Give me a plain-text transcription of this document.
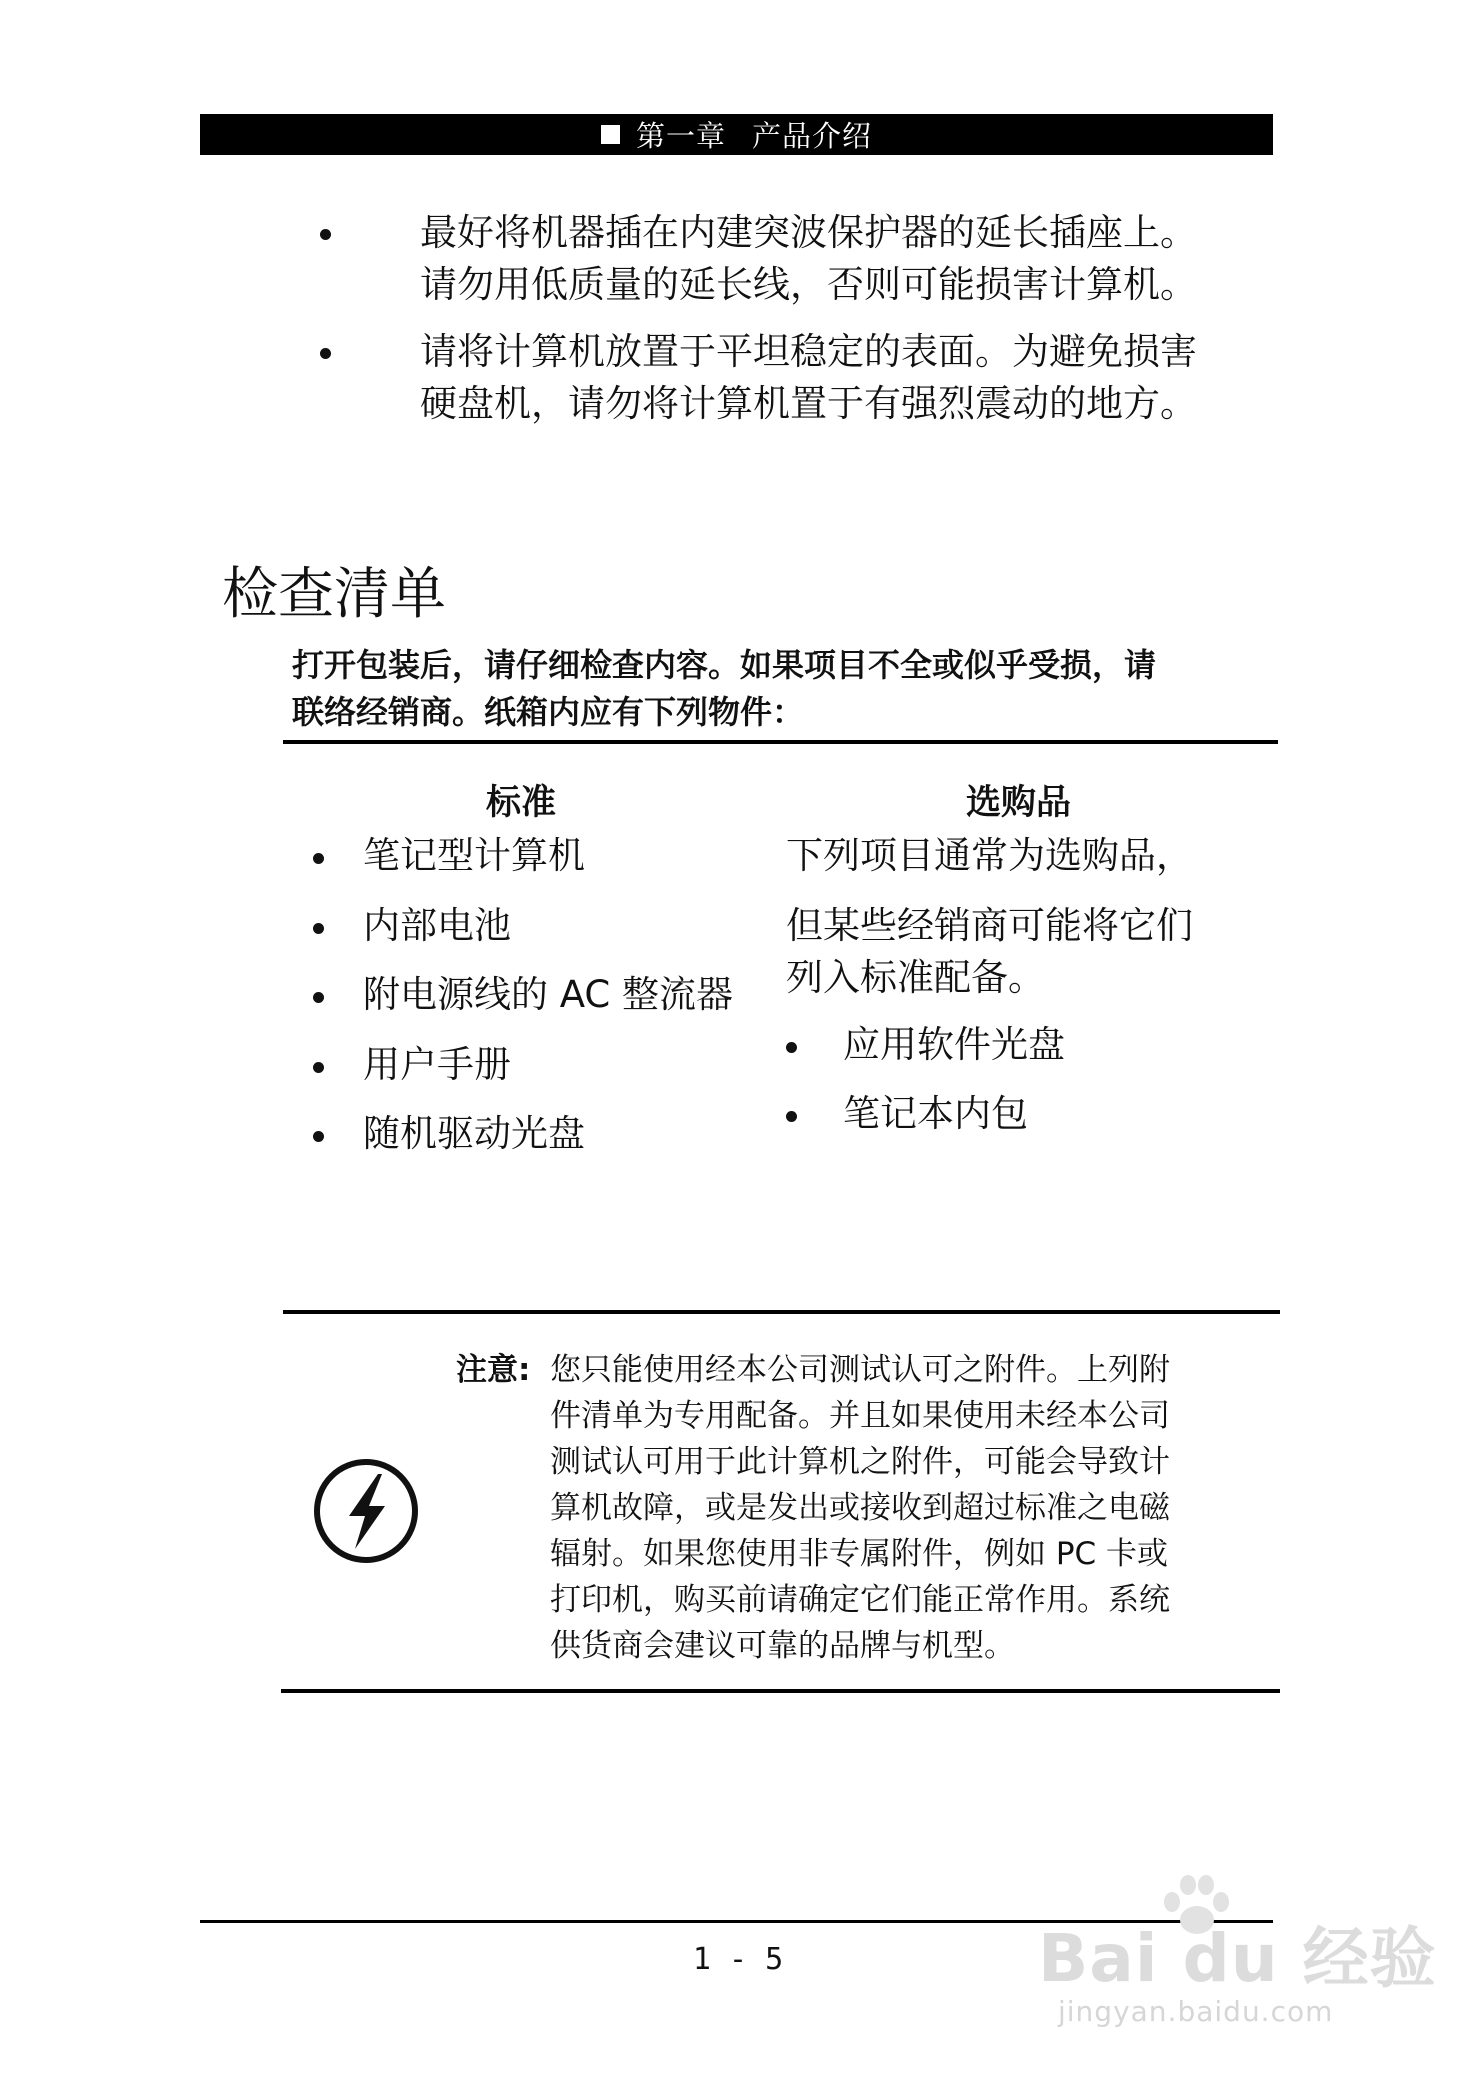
第一章 产品介绍
最好将机器插在内建突波保护器的延长插座上。
请勿用低质量的延长线，否则可能损害计算机。
请将计算机放置于平坦稳定的表面。为避免损害
硬盘机，请勿将计算机置于有强烈震动的地方。
检查清单
打开包装后，请仔细检查内容。如果项目不全或似乎受损，请
联络经销商。纸箱内应有下列物件：
标准
笔记型计算机
内部电池
附电源线的 AC 整流器
用户手册
随机驱动光盘
选购品
下列项目通常为选购品，
但某些经销商可能将它们
列入标准配备。
应用软件光盘
笔记本内包
注意: 您只能使用经本公司测试认可之附件。上列附
件清单为专用配备。并且如果使用未经本公司
测试认可用于此计算机之附件，可能会导致计
算机故障，或是发出或接收到超过标准之电磁
辐射。如果您使用非专属附件，例如 PC 卡或
打印机，购买前请确定它们能正常作用。系统
供货商会建议可靠的品牌与机型。
1 - 5	Bai du 经验
jingyan.baidu.com
